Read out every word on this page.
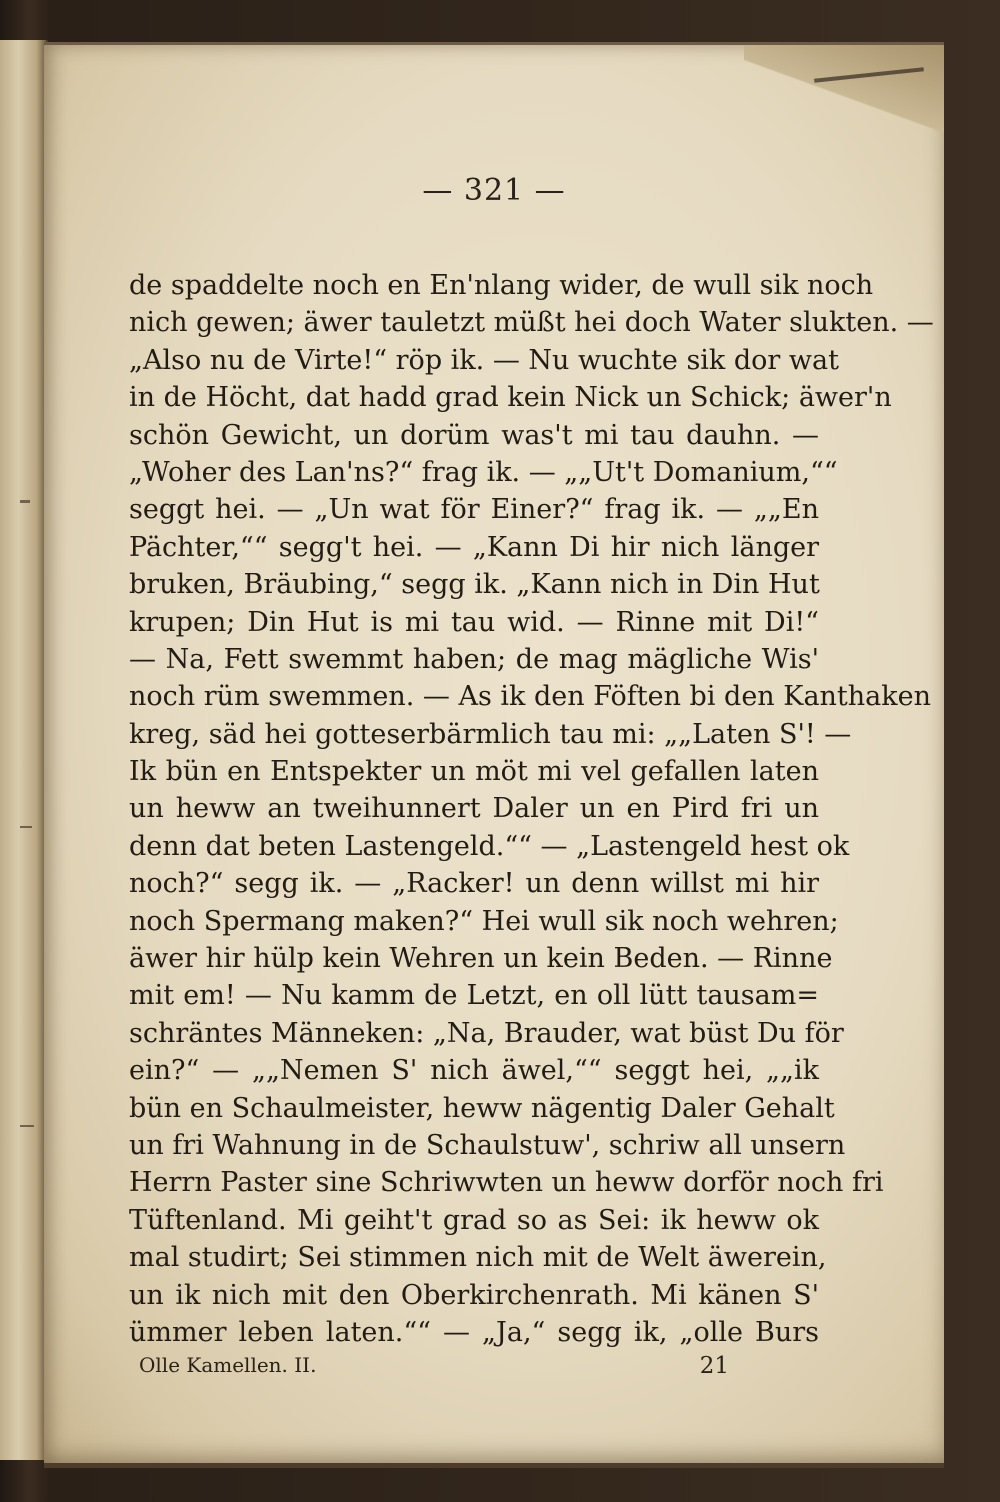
— 321 —
de spaddelte noch en En'nlang wider, de wull sik noch
nich gewen; äwer tauletzt müßt hei doch Water slukten. —
„Also nu de Virte!“ röp ik. — Nu wuchte sik dor wat
in de Höcht, dat hadd grad kein Nick un Schick; äwer'n
schön Gewicht, un dorüm was't mi tau dauhn. —
„Woher des Lan'ns?“ frag ik. — „„Ut't Domanium,““
seggt hei. — „Un wat för Einer?“ frag ik. — „„En
Pächter,““ segg't hei. — „Kann Di hir nich länger
bruken, Bräubing,“ segg ik. „Kann nich in Din Hut
krupen; Din Hut is mi tau wid. — Rinne mit Di!“
— Na, Fett swemmt haben; de mag mägliche Wis'
noch rüm swemmen. — As ik den Föften bi den Kanthaken
kreg, säd hei gotteserbärmlich tau mi: „„Laten S'! —
Ik bün en Entspekter un möt mi vel gefallen laten
un heww an tweihunnert Daler un en Pird fri un
denn dat beten Lastengeld.““ — „Lastengeld hest ok
noch?“ segg ik. — „Racker! un denn willst mi hir
noch Spermang maken?“ Hei wull sik noch wehren;
äwer hir hülp kein Wehren un kein Beden. — Rinne
mit em! — Nu kamm de Letzt, en oll lütt tausam=
schräntes Männeken: „Na, Brauder, wat büst Du för
ein?“ — „„Nemen S' nich äwel,““ seggt hei, „„ik
bün en Schaulmeister, heww nägentig Daler Gehalt
un fri Wahnung in de Schaulstuw', schriw all unsern
Herrn Paster sine Schriwwten un heww dorför noch fri
Tüftenland. Mi geiht't grad so as Sei: ik heww ok
mal studirt; Sei stimmen nich mit de Welt äwerein,
un ik nich mit den Oberkirchenrath. Mi känen S'
ümmer leben laten.““ — „Ja,“ segg ik, „olle Burs
Olle Kamellen. II.	21
